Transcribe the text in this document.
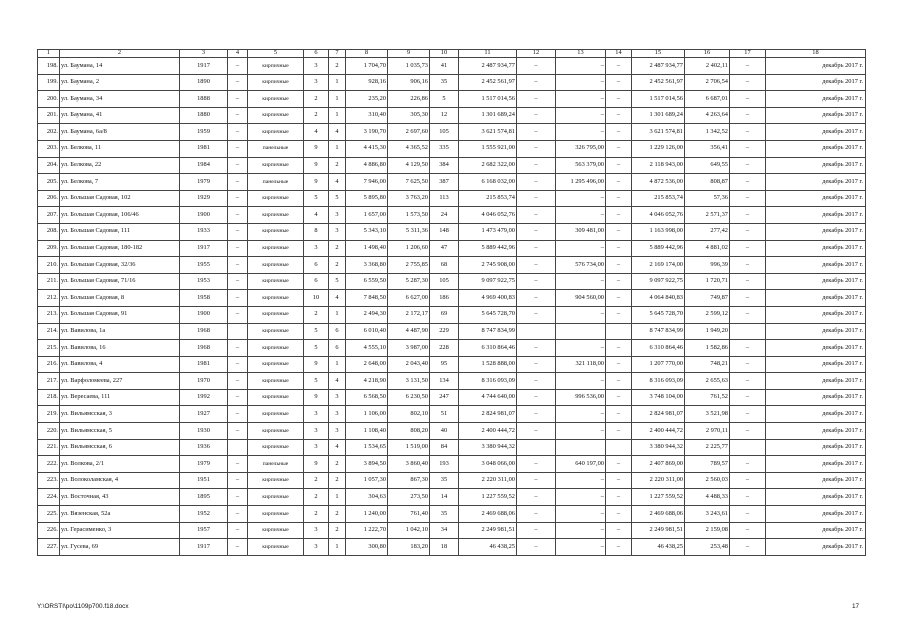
1	2	3	4	5	6	7	8	9	10	11	12	13	14	15	16	17	18
198.	ул. Баумана, 14	1917	–	кирпичные	3	2	1 704,70	1 035,73	41	2 487 934,77	–	–	–	2 487 934,77	2 402,11	–	декабрь 2017 г.
199.	ул. Баумана, 2	1890	–	кирпичные	3	1	928,16	906,16	35	2 452 561,97	–	–	–	2 452 561,97	2 706,54	–	декабрь 2017 г.
200.	ул. Баумана, 34	1888	–	кирпичные	2	1	235,20	226,86	5	1 517 014,56	–	–	–	1 517 014,56	6 687,01	–	декабрь 2017 г.
201.	ул. Баумана, 41	1880	–	кирпичные	2	1	310,40	305,30	12	1 301 689,24	–	–	–	1 301 689,24	4 263,64	–	декабрь 2017 г.
202.	ул. Баумана, 6а/8	1959	–	кирпичные	4	4	3 190,70	2 697,60	105	3 621 574,81	–	–	–	3 621 574,81	1 342,52	–	декабрь 2017 г.
203.	ул. Белкова, 11	1981	–	панельные	9	1	4 415,30	4 365,52	335	1 555 921,00	–	326 795,00	–	1 229 126,00	356,41	–	декабрь 2017 г.
204.	ул. Белкова, 22	1984	–	кирпичные	9	2	4 886,80	4 129,50	384	2 682 322,00	–	563 379,00	–	2 118 943,00	649,55	–	декабрь 2017 г.
205.	ул. Белкова, 7	1979	–	панельные	9	4	7 946,00	7 625,50	387	6 168 032,00	–	1 295 496,00	–	4 872 536,00	808,87	–	декабрь 2017 г.
206.	ул. Большая Садовая, 102	1929	–	кирпичные	5	5	5 895,80	3 763,20	113	215 853,74	–	–	–	215 853,74	57,36	–	декабрь 2017 г.
207.	ул. Большая Садовая, 106/46	1900	–	кирпичные	4	3	1 657,00	1 573,50	24	4 046 052,76	–	–	–	4 046 052,76	2 571,37	–	декабрь 2017 г.
208.	ул. Большая Садовая, 111	1933	–	кирпичные	8	3	5 343,10	5 311,36	148	1 473 479,00	–	309 481,00	–	1 163 998,00	277,42	–	декабрь 2017 г.
209.	ул. Большая Садовая, 180-182	1917	–	кирпичные	3	2	1 498,40	1 206,60	47	5 889 442,96	–	–	–	5 889 442,96	4 881,02	–	декабрь 2017 г.
210.	ул. Большая Садовая, 32/36	1955	–	кирпичные	6	2	3 368,80	2 755,85	68	2 745 908,00	–	576 734,00	–	2 169 174,00	996,39	–	декабрь 2017 г.
211.	ул. Большая Садовая, 71/16	1953	–	кирпичные	6	5	6 559,50	5 287,30	105	9 097 922,75	–	–	–	9 097 922,75	1 720,71	–	декабрь 2017 г.
212.	ул. Большая Садовая, 8	1958	–	кирпичные	10	4	7 848,50	6 627,00	186	4 969 400,83	–	904 560,00	–	4 064 840,83	749,87	–	декабрь 2017 г.
213.	ул. Большая Садовая, 91	1900	–	кирпичные	2	1	2 494,30	2 172,17	69	5 645 728,70	–	–	–	5 645 728,70	2 599,12	–	декабрь 2017 г.
214.	ул. Вавилова, 1а	1968		кирпичные	5	6	6 010,40	4 487,90	229	8 747 834,99				8 747 834,99	1 949,20		декабрь 2017 г.
215.	ул. Вавилова, 16	1968	–	кирпичные	5	6	4 555,10	3 987,00	228	6 310 864,46	–	–	–	6 310 864,46	1 582,86	–	декабрь 2017 г.
216.	ул. Вавилова, 4	1981	–	кирпичные	9	1	2 648,00	2 043,40	95	1 528 888,00	–	321 118,00	–	1 207 770,00	748,21	–	декабрь 2017 г.
217.	ул. Варфоломеева, 227	1970	–	кирпичные	5	4	4 218,90	3 131,50	134	8 316 093,09	–	–	–	8 316 093,09	2 655,63	–	декабрь 2017 г.
218.	ул. Вересаева, 111	1992	–	кирпичные	9	3	6 568,50	6 230,50	247	4 744 640,00	–	996 536,00	–	3 748 104,00	761,52	–	декабрь 2017 г.
219.	ул. Вильямсская, 3	1927	–	кирпичные	3	3	1 106,00	802,10	51	2 824 981,07	–	–	–	2 824 981,07	3 521,98	–	декабрь 2017 г.
220.	ул. Вильямсская, 5	1930	–	кирпичные	3	3	1 108,40	808,20	40	2 400 444,72	–	–	–	2 400 444,72	2 970,11	–	декабрь 2017 г.
221.	ул. Вильямсская, 6	1936		кирпичные	3	4	1 534,65	1 519,00	84	3 380 944,32				3 380 944,32	2 225,77		декабрь 2017 г.
222.	ул. Волкова, 2/1	1979	–	панельные	9	2	3 894,50	3 860,40	193	3 048 066,00	–	640 197,00	–	2 407 869,00	789,57	–	декабрь 2017 г.
223.	ул. Волоколамская, 4	1951	–	кирпичные	2	2	1 057,30	867,30	35	2 220 311,00	–	–	–	2 220 311,00	2 560,03	–	декабрь 2017 г.
224.	ул. Восточная, 43	1895	–	кирпичные	2	1	304,63	273,50	14	1 227 559,52	–	–	–	1 227 559,52	4 488,33	–	декабрь 2017 г.
225.	ул. Вязенская, 52а	1952	–	кирпичные	2	2	1 240,00	761,40	35	2 469 688,06	–	–	–	2 469 688,06	3 243,61	–	декабрь 2017 г.
226.	ул. Герасименко, 3	1957	–	кирпичные	3	2	1 222,70	1 042,10	34	2 249 981,51	–	–	–	2 249 981,51	2 159,08	–	декабрь 2017 г.
227.	ул. Гусева, 69	1917	–	кирпичные	3	1	300,80	183,20	18	46 438,25	–	–	–	46 438,25	253,48	–	декабрь 2017 г.
Y:\ORSTI\po\1109p700.f18.docx	17
